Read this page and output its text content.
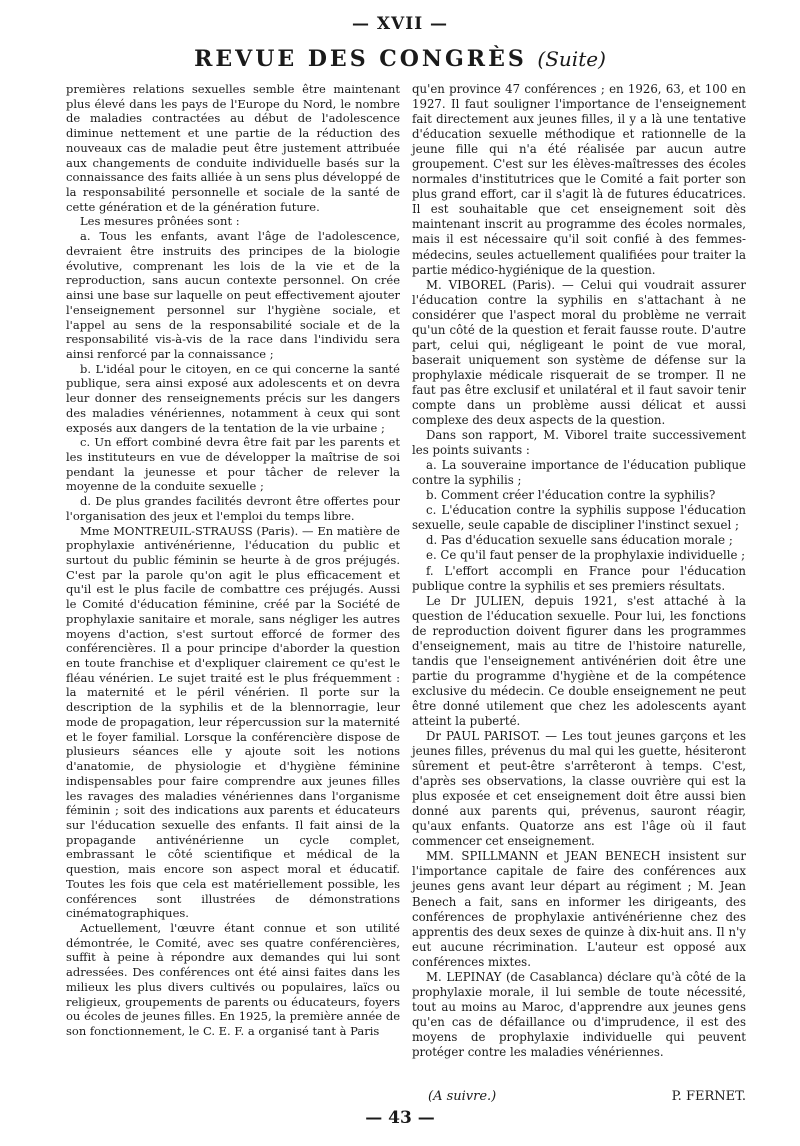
— XVII —
REVUE DES CONGRÈS (Suite)

premières relations sexuelles semble être maintenant plus élevé dans les pays de l'Europe du Nord, le nombre de maladies contractées au début de l'adolescence diminue nettement et une partie de la réduction des nouveaux cas de maladie peut être justement attribuée aux changements de conduite individuelle basés sur la connaissance des faits alliée à un sens plus développé de la responsabilité personnelle et sociale de la santé de cette génération et de la génération future.

Les mesures prônées sont :

a. Tous les enfants, avant l'âge de l'adolescence, devraient être instruits des principes de la biologie évolutive, comprenant les lois de la vie et de la reproduction, sans aucun contexte personnel. On crée ainsi une base sur laquelle on peut effectivement ajouter l'enseignement personnel sur l'hygiène sociale, et l'appel au sens de la responsabilité sociale et de la responsabilité vis-à-vis de la race dans l'individu sera ainsi renforcé par la connaissance ;

b. L'idéal pour le citoyen, en ce qui concerne la santé publique, sera ainsi exposé aux adolescents et on devra leur donner des renseignements précis sur les dangers des maladies vénériennes, notamment à ceux qui sont exposés aux dangers de la tentation de la vie urbaine ;

c. Un effort combiné devra être fait par les parents et les instituteurs en vue de développer la maîtrise de soi pendant la jeunesse et pour tâcher de relever la moyenne de la conduite sexuelle ;

d. De plus grandes facilités devront être offertes pour l'organisation des jeux et l'emploi du temps libre.

Mme MONTREUIL-STRAUSS (Paris). — En matière de prophylaxie antivénérienne, l'éducation du public et surtout du public féminin se heurte à de gros préjugés. C'est par la parole qu'on agit le plus efficacement et qu'il est le plus facile de combattre ces préjugés. Aussi le Comité d'éducation féminine, créé par la Société de prophylaxie sanitaire et morale, sans négliger les autres moyens d'action, s'est surtout efforcé de former des conférencières. Il a pour principe d'aborder la question en toute franchise et d'expliquer clairement ce qu'est le fléau vénérien. Le sujet traité est le plus fréquemment : la maternité et le péril vénérien. Il porte sur la description de la syphilis et de la blennorragie, leur mode de propagation, leur répercussion sur la maternité et le foyer familial. Lorsque la conférencière dispose de plusieurs séances elle y ajoute soit les notions d'anatomie, de physiologie et d'hygiène féminine indispensables pour faire comprendre aux jeunes filles les ravages des maladies vénériennes dans l'organisme féminin ; soit des indications aux parents et éducateurs sur l'éducation sexuelle des enfants. Il fait ainsi de la propagande antivénérienne un cycle complet, embrassant le côté scientifique et médical de la question, mais encore son aspect moral et éducatif. Toutes les fois que cela est matériellement possible, les conférences sont illustrées de démonstrations cinématographiques.

Actuellement, l'œuvre étant connue et son utilité démontrée, le Comité, avec ses quatre conférencières, suffit à peine à répondre aux demandes qui lui sont adressées. Des conférences ont été ainsi faites dans les milieux les plus divers cultivés ou populaires, laïcs ou religieux, groupements de parents ou éducateurs, foyers ou écoles de jeunes filles. En 1925, la première année de son fonctionnement, le C. E. F. a organisé tant à Paris

qu'en province 47 conférences ; en 1926, 63, et 100 en 1927. Il faut souligner l'importance de l'enseignement fait directement aux jeunes filles, il y a là une tentative d'éducation sexuelle méthodique et rationnelle de la jeune fille qui n'a été réalisée par aucun autre groupement. C'est sur les élèves-maîtresses des écoles normales d'institutrices que le Comité a fait porter son plus grand effort, car il s'agit là de futures éducatrices. Il est souhaitable que cet enseignement soit dès maintenant inscrit au programme des écoles normales, mais il est nécessaire qu'il soit confié à des femmes-médecins, seules actuellement qualifiées pour traiter la partie médico-hygiénique de la question.

M. VIBOREL (Paris). — Celui qui voudrait assurer l'éducation contre la syphilis en s'attachant à ne considérer que l'aspect moral du problème ne verrait qu'un côté de la question et ferait fausse route. D'autre part, celui qui, négligeant le point de vue moral, baserait uniquement son système de défense sur la prophylaxie médicale risquerait de se tromper. Il ne faut pas être exclusif et unilatéral et il faut savoir tenir compte dans un problème aussi délicat et aussi complexe des deux aspects de la question.

Dans son rapport, M. Viborel traite successivement les points suivants :

a. La souveraine importance de l'éducation publique contre la syphilis ;

b. Comment créer l'éducation contre la syphilis?

c. L'éducation contre la syphilis suppose l'éducation sexuelle, seule capable de discipliner l'instinct sexuel ;

d. Pas d'éducation sexuelle sans éducation morale ;

e. Ce qu'il faut penser de la prophylaxie individuelle ;

f. L'effort accompli en France pour l'éducation publique contre la syphilis et ses premiers résultats.

Le Dr JULIEN, depuis 1921, s'est attaché à la question de l'éducation sexuelle. Pour lui, les fonctions de reproduction doivent figurer dans les programmes d'enseignement, mais au titre de l'histoire naturelle, tandis que l'enseignement antivénérien doit être une partie du programme d'hygiène et de la compétence exclusive du médecin. Ce double enseignement ne peut être donné utilement que chez les adolescents ayant atteint la puberté.

Dr PAUL PARISOT. — Les tout jeunes garçons et les jeunes filles, prévenus du mal qui les guette, hésiteront sûrement et peut-être s'arrêteront à temps. C'est, d'après ses observations, la classe ouvrière qui est la plus exposée et cet enseignement doit être aussi bien donné aux parents qui, prévenus, sauront réagir, qu'aux enfants. Quatorze ans est l'âge où il faut commencer cet enseignement.

MM. SPILLMANN et JEAN BENECH insistent sur l'importance capitale de faire des conférences aux jeunes gens avant leur départ au régiment ; M. Jean Benech a fait, sans en informer les dirigeants, des conférences de prophylaxie antivénérienne chez des apprentis des deux sexes de quinze à dix-huit ans. Il n'y eut aucune récrimination. L'auteur est opposé aux conférences mixtes.

M. LEPINAY (de Casablanca) déclare qu'à côté de la prophylaxie morale, il lui semble de toute nécessité, tout au moins au Maroc, d'apprendre aux jeunes gens qu'en cas de défaillance ou d'imprudence, il est des moyens de prophylaxie individuelle qui peuvent protéger contre les maladies vénériennes.

(A suivre.)	P. FERNET.
— 43 —
